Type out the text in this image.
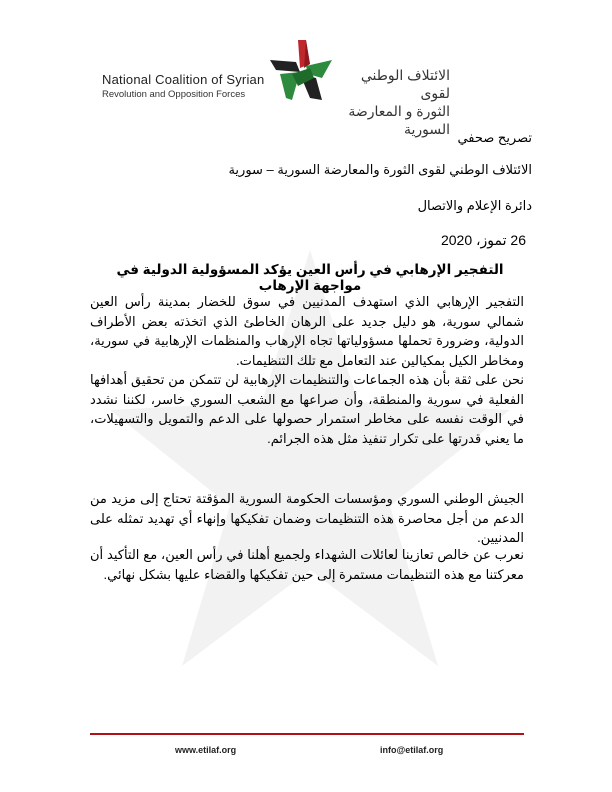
National Coalition of Syrian
Revolution and Opposition Forces
الائتلاف الوطني لقوى
الثورة و المعارضة السورية
تصريح صحفي
الائتلاف الوطني لقوى الثورة والمعارضة السورية – سورية
دائرة الإعلام والاتصال
26 تموز، 2020
التفجير الإرهابي في رأس العين يؤكد المسؤولية الدولية في مواجهة الإرهاب
التفجير الإرهابي الذي استهدف المدنيين في سوق للخضار بمدينة رأس العين شمالي سورية، هو دليل جديد على الرهان الخاطئ الذي اتخذته بعض الأطراف الدولية، وضرورة تحملها مسؤولياتها تجاه الإرهاب والمنظمات الإرهابية في سورية، ومخاطر الكيل بمكيالين عند التعامل مع تلك التنظيمات.
نحن على ثقة بأن هذه الجماعات والتنظيمات الإرهابية لن تتمكن من تحقيق أهدافها الفعلية في سورية والمنطقة، وأن صراعها مع الشعب السوري خاسر، لكننا نشدد في الوقت نفسه على مخاطر استمرار حصولها على الدعم والتمويل والتسهيلات، ما يعني قدرتها على تكرار تنفيذ مثل هذه الجرائم.
الجيش الوطني السوري ومؤسسات الحكومة السورية المؤقتة تحتاج إلى مزيد من الدعم من أجل محاصرة هذه التنظيمات وضمان تفكيكها وإنهاء أي تهديد تمثله على المدنيين.
نعرب عن خالص تعازينا لعائلات الشهداء ولجميع أهلنا في رأس العين، مع التأكيد أن معركتنا مع هذه التنظيمات مستمرة إلى حين تفكيكها والقضاء عليها بشكل نهائي.
www.etilaf.org	info@etilaf.org
